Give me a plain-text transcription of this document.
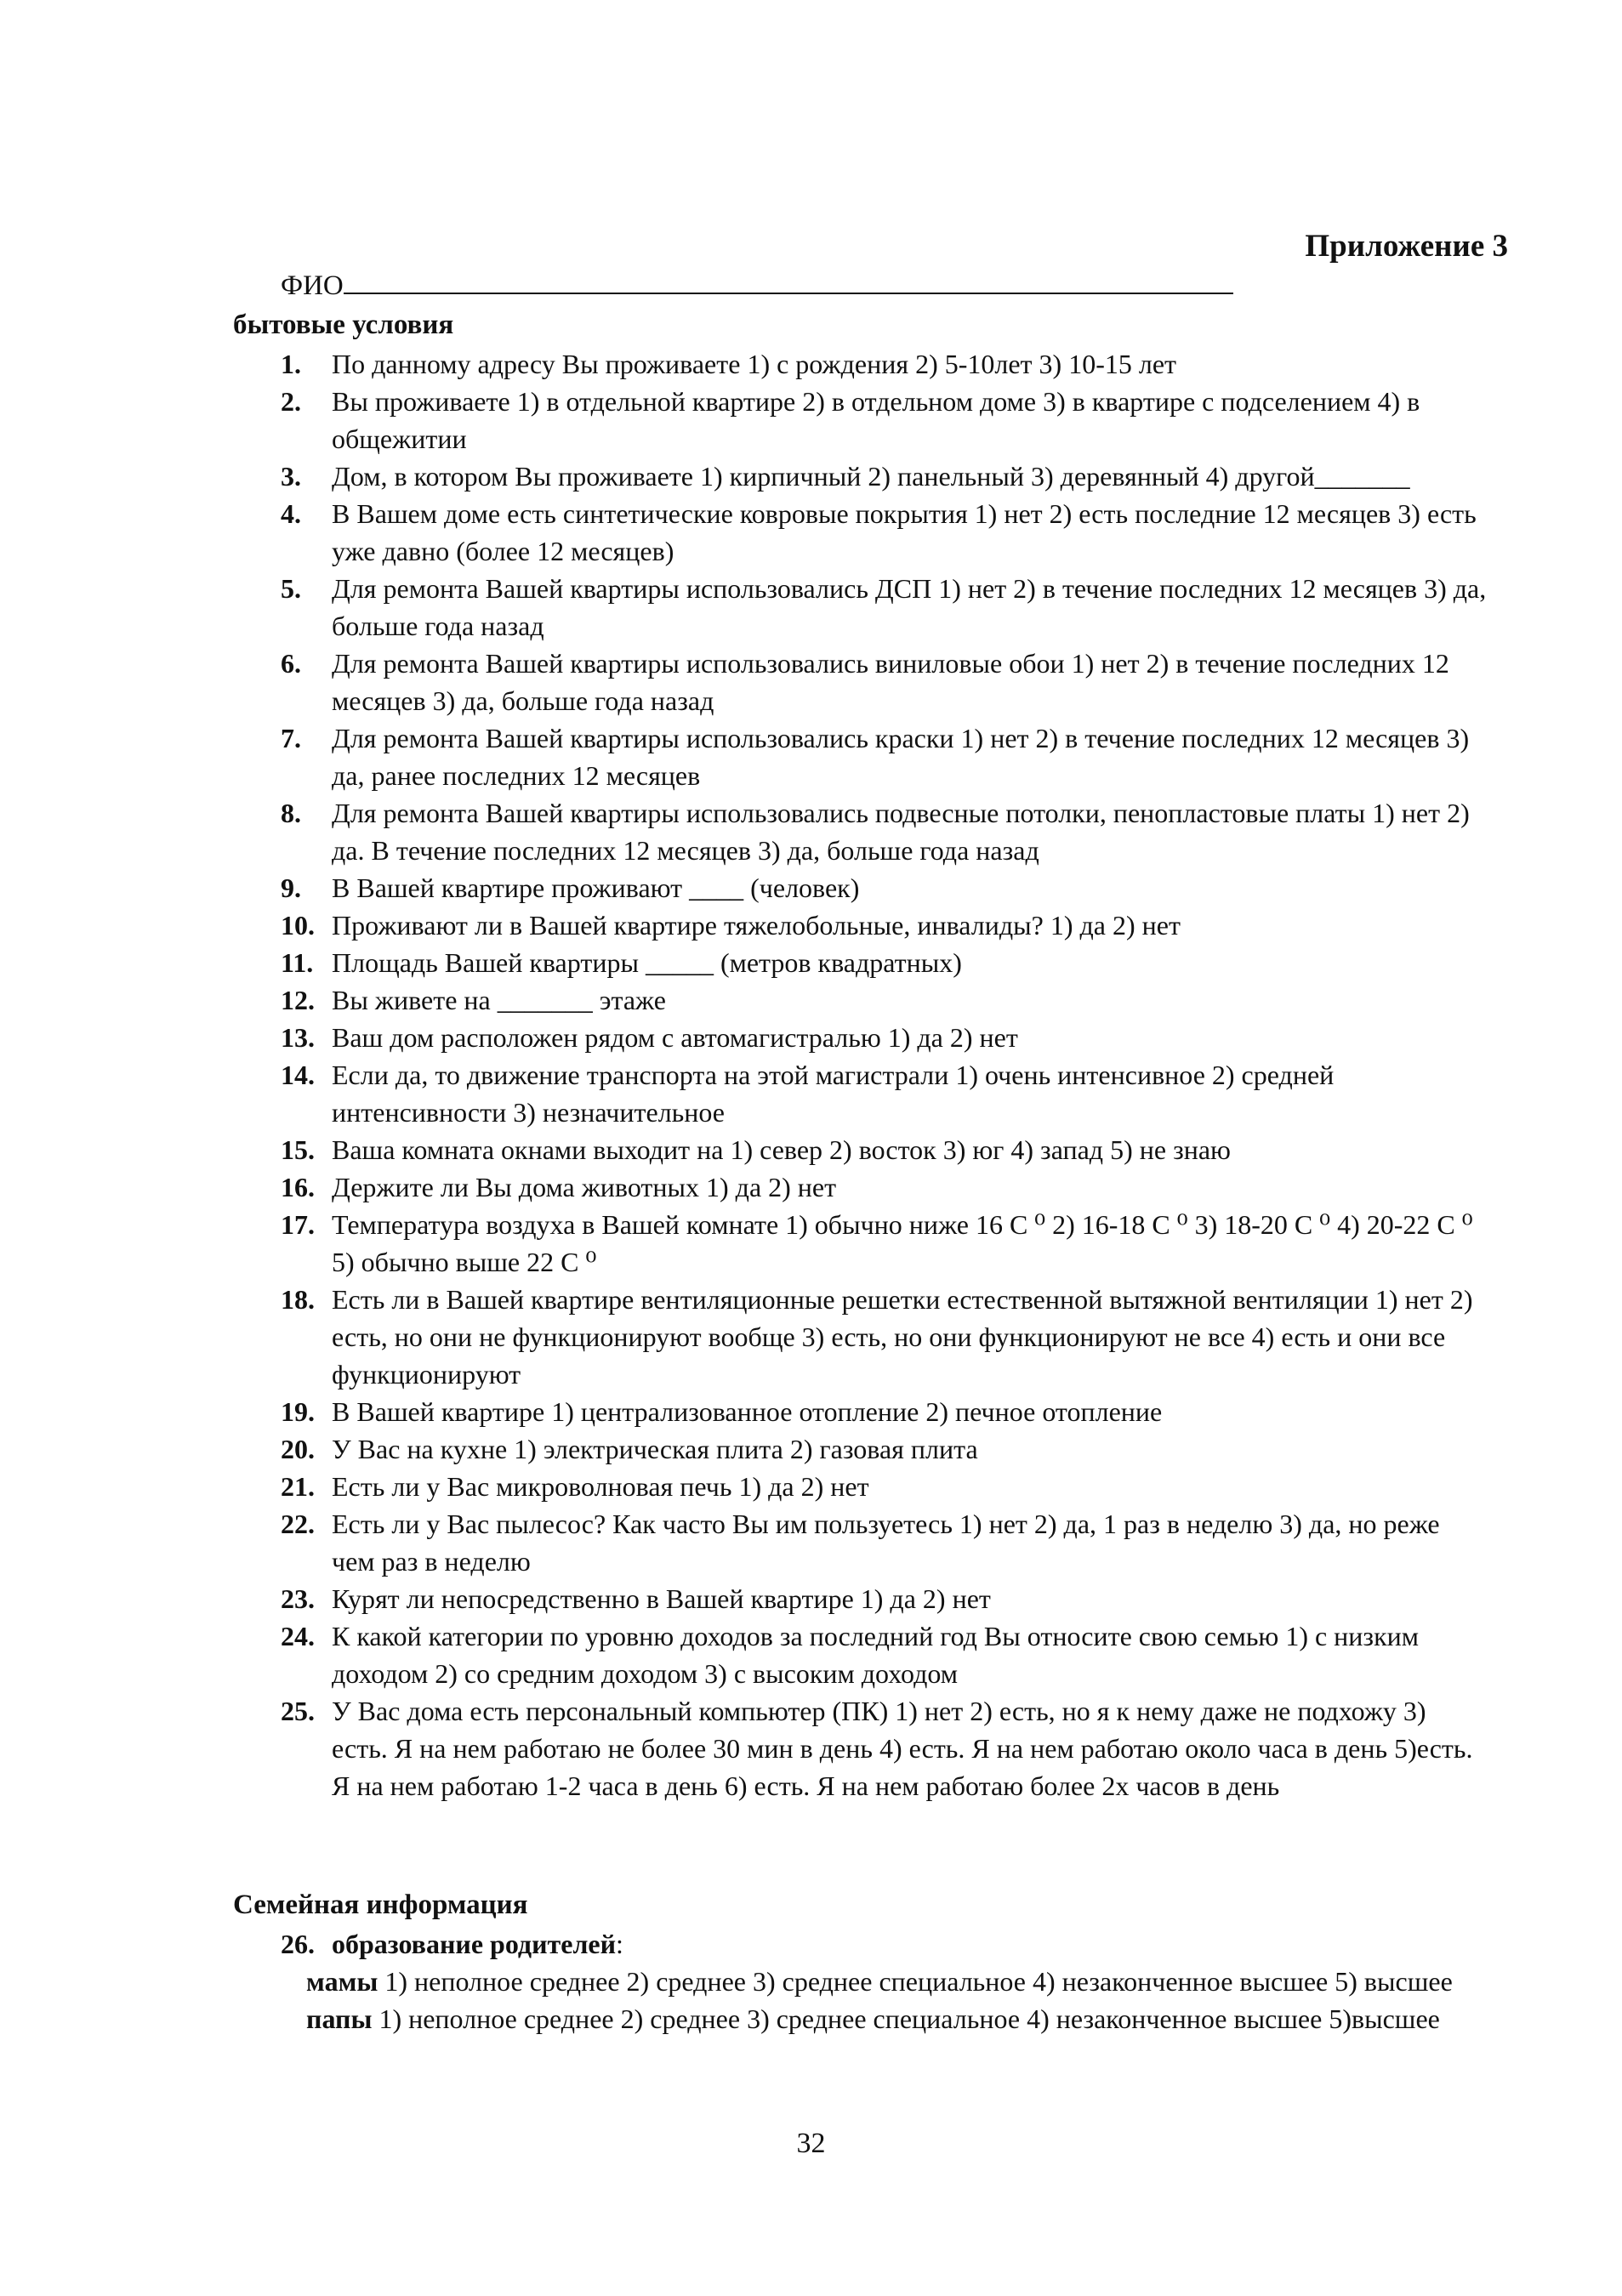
Приложение 3
ФИО
бытовые условия
1. По данному адресу Вы проживаете 1) с рождения 2) 5-10лет 3) 10-15 лет
2. Вы проживаете 1) в отдельной квартире 2) в отдельном доме 3) в квартире с подселением 4) в общежитии
3. Дом, в котором Вы проживаете 1) кирпичный 2) панельный 3) деревянный 4) другой_______
4. В Вашем доме есть синтетические ковровые покрытия 1) нет 2) есть последние 12 месяцев 3) есть уже давно (более 12 месяцев)
5. Для ремонта Вашей квартиры использовались ДСП 1) нет 2) в течение последних 12 месяцев 3) да, больше года назад
6. Для ремонта Вашей квартиры использовались виниловые обои 1) нет 2) в течение последних 12 месяцев 3) да, больше года назад
7. Для ремонта Вашей квартиры использовались краски 1) нет 2) в течение последних 12 месяцев 3) да, ранее последних 12 месяцев
8. Для ремонта Вашей квартиры использовались подвесные потолки, пенопластовые платы 1) нет 2) да. В течение последних 12 месяцев 3) да, больше года назад
9. В Вашей квартире проживают ____ (человек)
10. Проживают ли в Вашей квартире тяжелобольные, инвалиды? 1) да 2) нет
11. Площадь Вашей квартиры _____ (метров квадратных)
12. Вы живете на _______ этаже
13. Ваш дом расположен рядом с автомагистралью 1) да 2) нет
14. Если да, то движение транспорта на этой магистрали 1) очень интенсивное 2) средней интенсивности 3) незначительное
15. Ваша комната окнами выходит на 1) север 2) восток 3) юг 4) запад 5) не знаю
16. Держите ли Вы дома животных 1) да 2) нет
17. Температура воздуха в Вашей комнате 1) обычно ниже 16 С ⁰ 2) 16-18 С ⁰ 3) 18-20 С ⁰ 4) 20-22 С ⁰ 5) обычно выше 22 С ⁰
18. Есть ли в Вашей квартире вентиляционные решетки естественной вытяжной вентиляции 1) нет 2) есть, но они не функционируют вообще 3) есть, но они функционируют не все 4) есть и они все функционируют
19. В Вашей квартире 1) централизованное отопление 2) печное отопление
20. У Вас на кухне 1) электрическая плита 2) газовая плита
21. Есть ли у Вас микроволновая печь 1) да 2) нет
22. Есть ли у Вас пылесос? Как часто Вы им пользуетесь 1) нет 2) да, 1 раз в неделю 3) да, но реже чем раз в неделю
23. Курят ли непосредственно в Вашей квартире 1) да 2) нет
24. К какой категории по уровню доходов за последний год Вы относите свою семью 1) с низким доходом 2) со средним доходом 3) с высоким доходом
25. У Вас дома есть персональный компьютер (ПК) 1) нет 2) есть, но я к нему даже не подхожу 3) есть. Я на нем работаю не более 30 мин в день 4) есть. Я на нем работаю около часа в день 5)есть. Я на нем работаю 1-2 часа в день 6) есть. Я на нем работаю более 2х часов в день
Семейная информация
26. образование родителей:
мамы 1) неполное среднее 2) среднее 3) среднее специальное 4) незаконченное высшее 5) высшее
папы 1) неполное среднее 2) среднее 3) среднее специальное 4) незаконченное высшее 5)высшее
32
